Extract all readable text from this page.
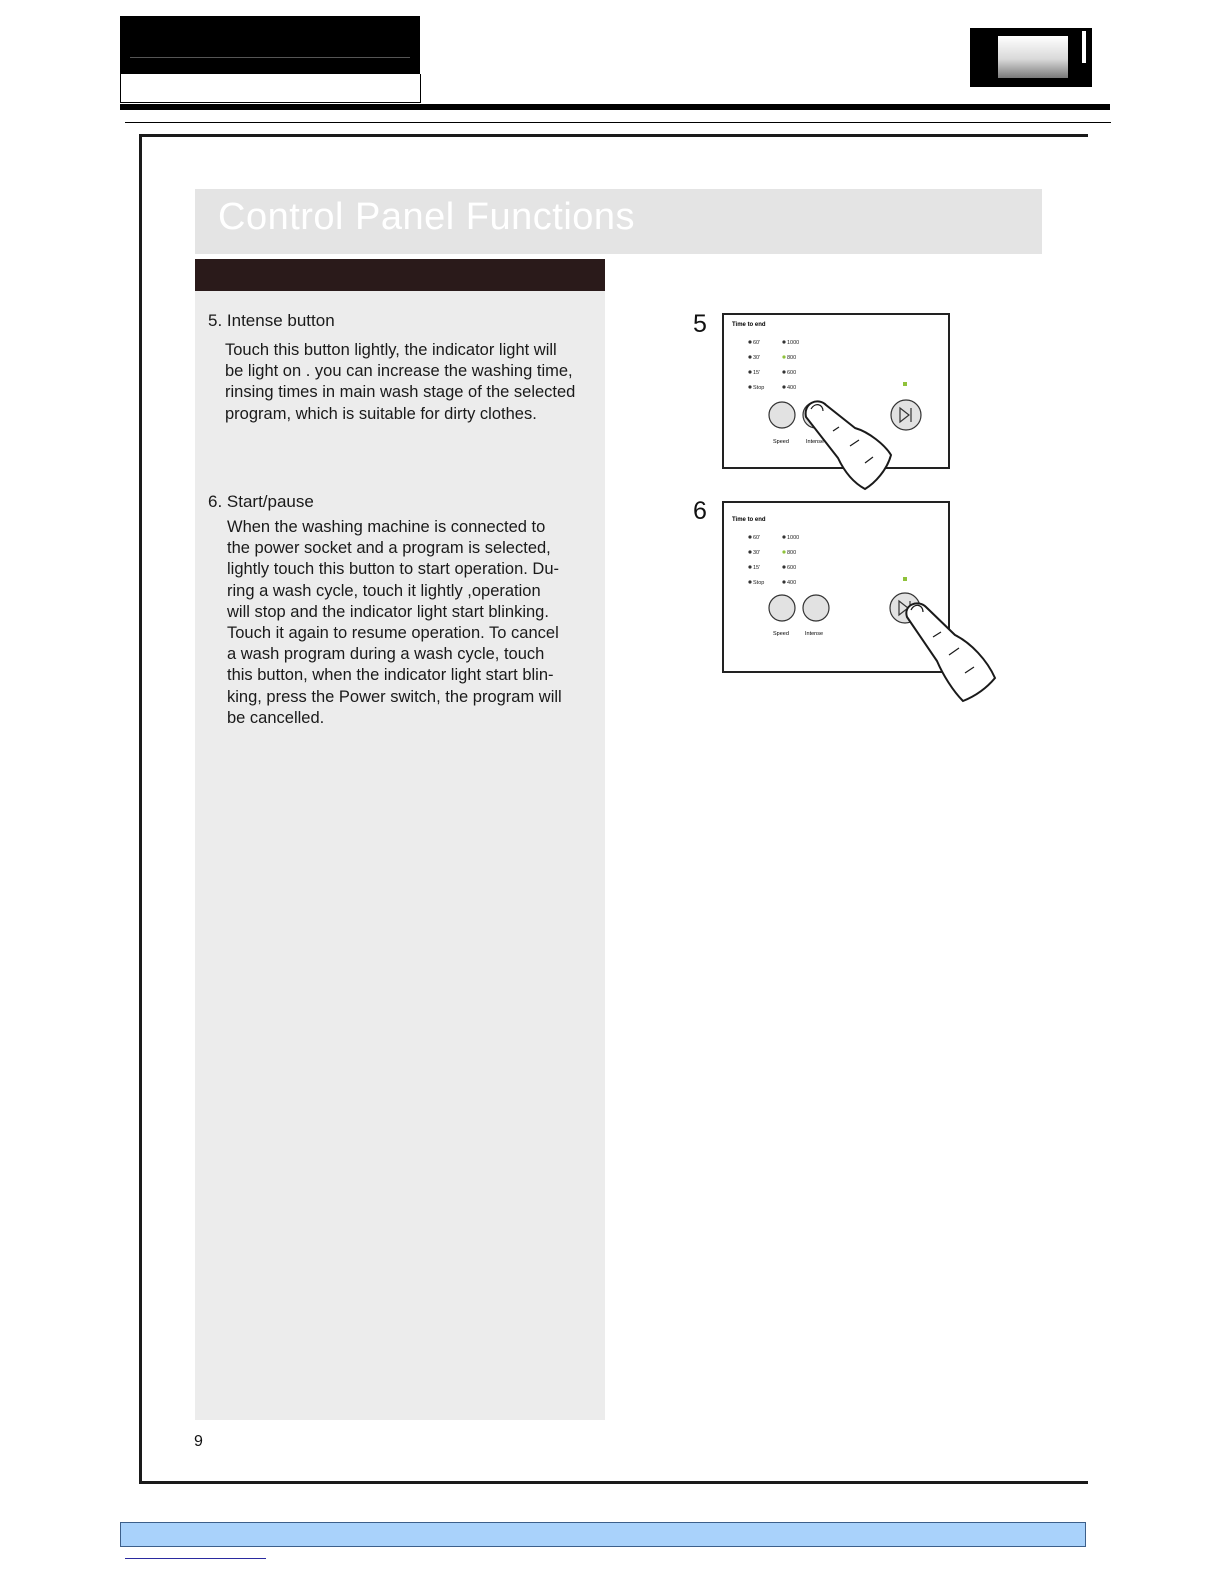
Control Panel Functions
5. Intense button
Touch this button lightly, the indicator light will
be light on . you can increase the washing time,
rinsing times in main wash stage of the selected
program, which is suitable for dirty clothes.
6. Start/pause
When the washing machine is connected to
the power socket and a program is selected,
lightly touch this button to start operation. Du-
ring a wash cycle, touch it lightly ,operation
will stop and the indicator light start blinking.
Touch it again to resume operation. To cancel
a wash program during a wash cycle, touch
this button, when the indicator light start blin-
king, press the Power switch, the program will
be cancelled.
9
5	Time to end
60'
30'
15'
Stop
1000
800
600
400
Speed	Intense
6	Time to end
60'
30'
15'
Stop
1000
800
600
400
Speed	Intense
